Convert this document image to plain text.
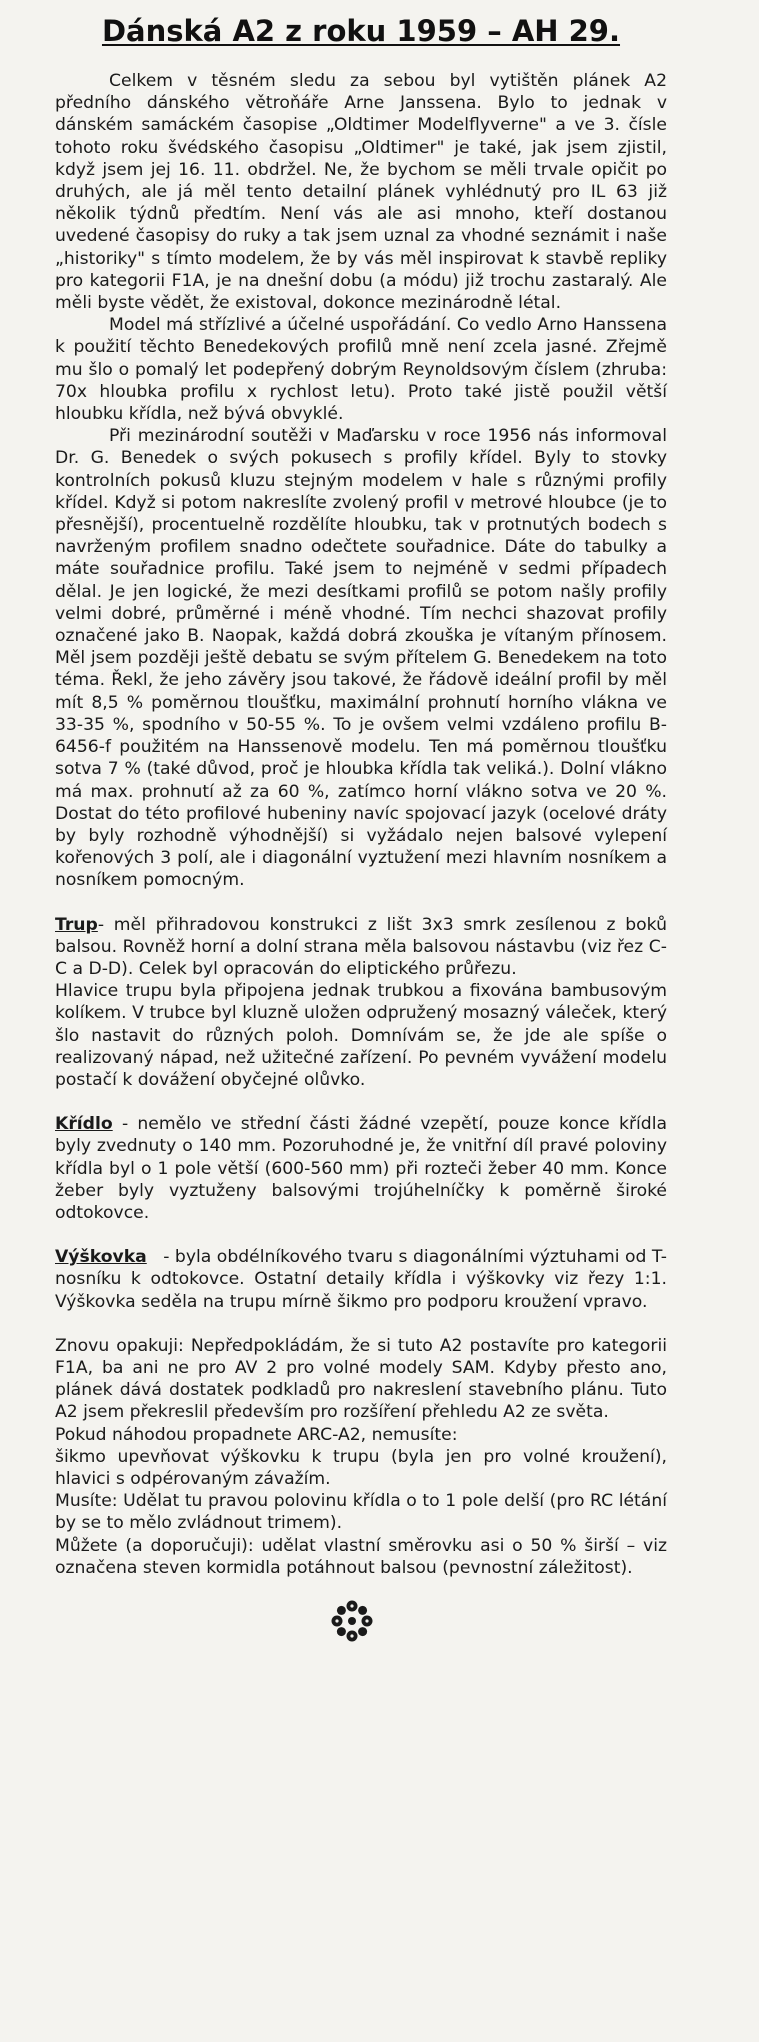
Dánská A2 z roku 1959 – AH 29.

Celkem v těsném sledu za sebou byl vytištěn plánek A2 předního dánského větroňáře Arne Janssena. Bylo to jednak v dánském samáckém časopise „Oldtimer Modelflyverne" a ve 3. čísle tohoto roku švédského časopisu „Oldtimer" je také, jak jsem zjistil, když jsem jej 16. 11. obdržel. Ne, že bychom se měli trvale opičit po druhých, ale já měl tento detailní plánek vyhlédnutý pro IL 63 již několik týdnů předtím. Není vás ale asi mnoho, kteří dostanou uvedené časopisy do ruky a tak jsem uznal za vhodné seznámit i naše „historiky" s tímto modelem, že by vás měl inspirovat k stavbě repliky pro kategorii F1A, je na dnešní dobu (a módu) již trochu zastaralý. Ale měli byste vědět, že existoval, dokonce mezinárodně létal.

Model má střízlivé a účelné uspořádání. Co vedlo Arno Hanssena k použití těchto Benedekových profilů mně není zcela jasné. Zřejmě mu šlo o pomalý let podepřený dobrým Reynoldsovým číslem (zhruba: 70x hloubka profilu x rychlost letu). Proto také jistě použil větší hloubku křídla, než bývá obvyklé.

Při mezinárodní soutěži v Maďarsku v roce 1956 nás informoval Dr. G. Benedek o svých pokusech s profily křídel. Byly to stovky kontrolních pokusů kluzu stejným modelem v hale s různými profily křídel. Když si potom nakreslíte zvolený profil v metrové hloubce (je to přesnější), procentuelně rozdělíte hloubku, tak v protnutých bodech s navrženým profilem snadno odečtete souřadnice. Dáte do tabulky a máte souřadnice profilu. Také jsem to nejméně v sedmi případech dělal. Je jen logické, že mezi desítkami profilů se potom našly profily velmi dobré, průměrné i méně vhodné. Tím nechci shazovat profily označené jako B. Naopak, každá dobrá zkouška je vítaným přínosem. Měl jsem později ještě debatu se svým přítelem G. Benedekem na toto téma. Řekl, že jeho závěry jsou takové, že řádově ideální profil by měl mít 8,5 % poměrnou tloušťku, maximální prohnutí horního vlákna ve 33-35 %, spodního v 50-55 %. To je ovšem velmi vzdáleno profilu B-6456-f použitém na Hanssenově modelu. Ten má poměrnou tloušťku sotva 7 % (také důvod, proč je hloubka křídla tak veliká.). Dolní vlákno má max. prohnutí až za 60 %, zatímco horní vlákno sotva ve 20 %. Dostat do této profilové hubeniny navíc spojovací jazyk (ocelové dráty by byly rozhodně výhodnější) si vyžádalo nejen balsové vylepení kořenových 3 polí, ale i diagonální vyztužení mezi hlavním nosníkem a nosníkem pomocným.

Trup- měl přihradovou konstrukci z lišt 3x3 smrk zesílenou z boků balsou. Rovněž horní a dolní strana měla balsovou nástavbu (viz řez C-C a D-D). Celek byl opracován do eliptického průřezu.

Hlavice trupu byla připojena jednak trubkou a fixována bambusovým kolíkem. V trubce byl kluzně uložen odpružený mosazný váleček, který šlo nastavit do různých poloh. Domnívám se, že jde ale spíše o realizovaný nápad, než užitečné zařízení. Po pevném vyvážení modelu postačí k dovážení obyčejné olůvko.

Křídlo - nemělo ve střední části žádné vzepětí, pouze konce křídla byly zvednuty o 140 mm. Pozoruhodné je, že vnitřní díl pravé poloviny křídla byl o 1 pole větší (600-560 mm) při rozteči žeber 40 mm. Konce žeber byly vyztuženy balsovými trojúhelníčky k poměrně široké odtokovce.

Výškovka - byla obdélníkového tvaru s diagonálními výztuhami od T-nosníku k odtokovce. Ostatní detaily křídla i výškovky viz řezy 1:1. Výškovka seděla na trupu mírně šikmo pro podporu kroužení vpravo.

Znovu opakuji: Nepředpokládám, že si tuto A2 postavíte pro kategorii F1A, ba ani ne pro AV 2 pro volné modely SAM. Kdyby přesto ano, plánek dává dostatek podkladů pro nakreslení stavebního plánu. Tuto A2 jsem překreslil především pro rozšíření přehledu A2 ze světa.

Pokud náhodou propadnete ARC-A2, nemusíte:

šikmo upevňovat výškovku k trupu (byla jen pro volné kroužení), hlavici s odpérovaným závažím.

Musíte: Udělat tu pravou polovinu křídla o to 1 pole delší (pro RC létání by se to mělo zvládnout trimem).

Můžete (a doporučuji): udělat vlastní směrovku asi o 50 % širší – viz označena steven kormidla potáhnout balsou (pevnostní záležitost).
